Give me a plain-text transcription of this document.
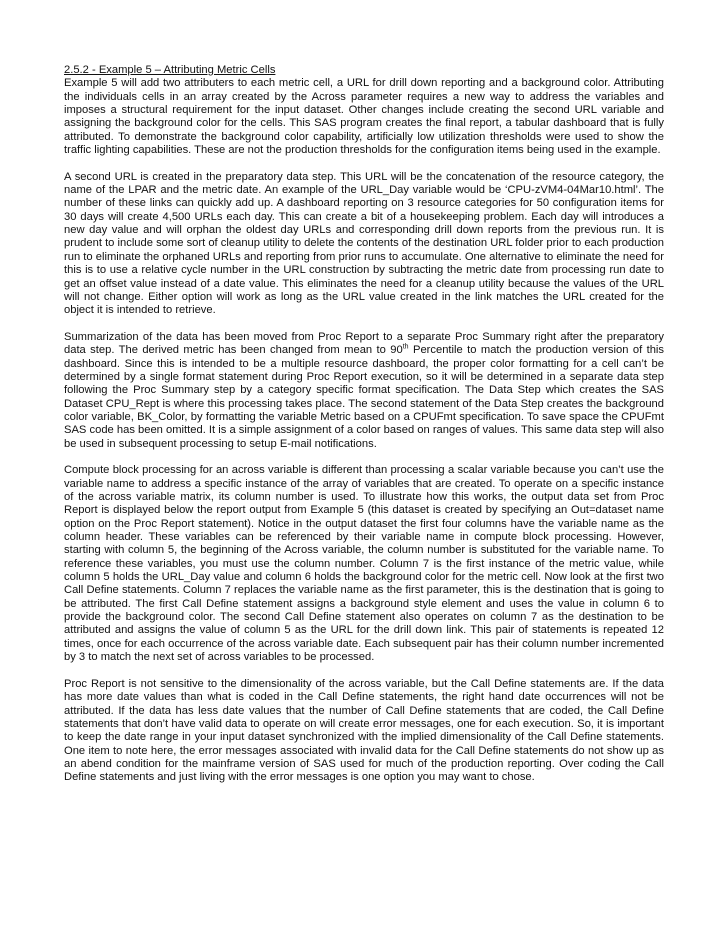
2.5.2 - Example 5 – Attributing Metric Cells

Example 5 will add two attributers to each metric cell, a URL for drill down reporting and a background color. Attributing the individuals cells in an array created by the Across parameter requires a new way to address the variables and imposes a structural requirement for the input dataset. Other changes include creating the second URL variable and assigning the background color for the cells. This SAS program creates the final report, a tabular dashboard that is fully attributed. To demonstrate the background color capability, artificially low utilization thresholds were used to show the traffic lighting capabilities. These are not the production thresholds for the configuration items being used in the example.

A second URL is created in the preparatory data step. This URL will be the concatenation of the resource category, the name of the LPAR and the metric date. An example of the URL_Day variable would be ‘CPU-zVM4-04Mar10.html’. The number of these links can quickly add up. A dashboard reporting on 3 resource categories for 50 configuration items for 30 days will create 4,500 URLs each day. This can create a bit of a housekeeping problem. Each day will introduces a new day value and will orphan the oldest day URLs and corresponding drill down reports from the previous run. It is prudent to include some sort of cleanup utility to delete the contents of the destination URL folder prior to each production run to eliminate the orphaned URLs and reporting from prior runs to accumulate. One alternative to eliminate the need for this is to use a relative cycle number in the URL construction by subtracting the metric date from processing run date to get an offset value instead of a date value. This eliminates the need for a cleanup utility because the values of the URL will not change. Either option will work as long as the URL value created in the link matches the URL created for the object it is intended to retrieve.

Summarization of the data has been moved from Proc Report to a separate Proc Summary right after the preparatory data step. The derived metric has been changed from mean to 90th Percentile to match the production version of this dashboard. Since this is intended to be a multiple resource dashboard, the proper color formatting for a cell can’t be determined by a single format statement during Proc Report execution, so it will be determined in a separate data step following the Proc Summary step by a category specific format specification. The Data Step which creates the SAS Dataset CPU_Rept is where this processing takes place. The second statement of the Data Step creates the background color variable, BK_Color, by formatting the variable Metric based on a CPUFmt specification. To save space the CPUFmt SAS code has been omitted. It is a simple assignment of a color based on ranges of values. This same data step will also be used in subsequent processing to setup E-mail notifications.

Compute block processing for an across variable is different than processing a scalar variable because you can’t use the variable name to address a specific instance of the array of variables that are created. To operate on a specific instance of the across variable matrix, its column number is used. To illustrate how this works, the output data set from Proc Report is displayed below the report output from Example 5 (this dataset is created by specifying an Out=dataset name option on the Proc Report statement). Notice in the output dataset the first four columns have the variable name as the column header. These variables can be referenced by their variable name in compute block processing. However, starting with column 5, the beginning of the Across variable, the column number is substituted for the variable name. To reference these variables, you must use the column number. Column 7 is the first instance of the metric value, while column 5 holds the URL_Day value and column 6 holds the background color for the metric cell. Now look at the first two Call Define statements. Column 7 replaces the variable name as the first parameter, this is the destination that is going to be attributed. The first Call Define statement assigns a background style element and uses the value in column 6 to provide the background color. The second Call Define statement also operates on column 7 as the destination to be attributed and assigns the value of column 5 as the URL for the drill down link. This pair of statements is repeated 12 times, once for each occurrence of the across variable date. Each subsequent pair has their column number incremented by 3 to match the next set of across variables to be processed.

Proc Report is not sensitive to the dimensionality of the across variable, but the Call Define statements are. If the data has more date values than what is coded in the Call Define statements, the right hand date occurrences will not be attributed. If the data has less date values that the number of Call Define statements that are coded, the Call Define statements that don’t have valid data to operate on will create error messages, one for each execution. So, it is important to keep the date range in your input dataset synchronized with the implied dimensionality of the Call Define statements. One item to note here, the error messages associated with invalid data for the Call Define statements do not show up as an abend condition for the mainframe version of SAS used for much of the production reporting. Over coding the Call Define statements and just living with the error messages is one option you may want to chose.
